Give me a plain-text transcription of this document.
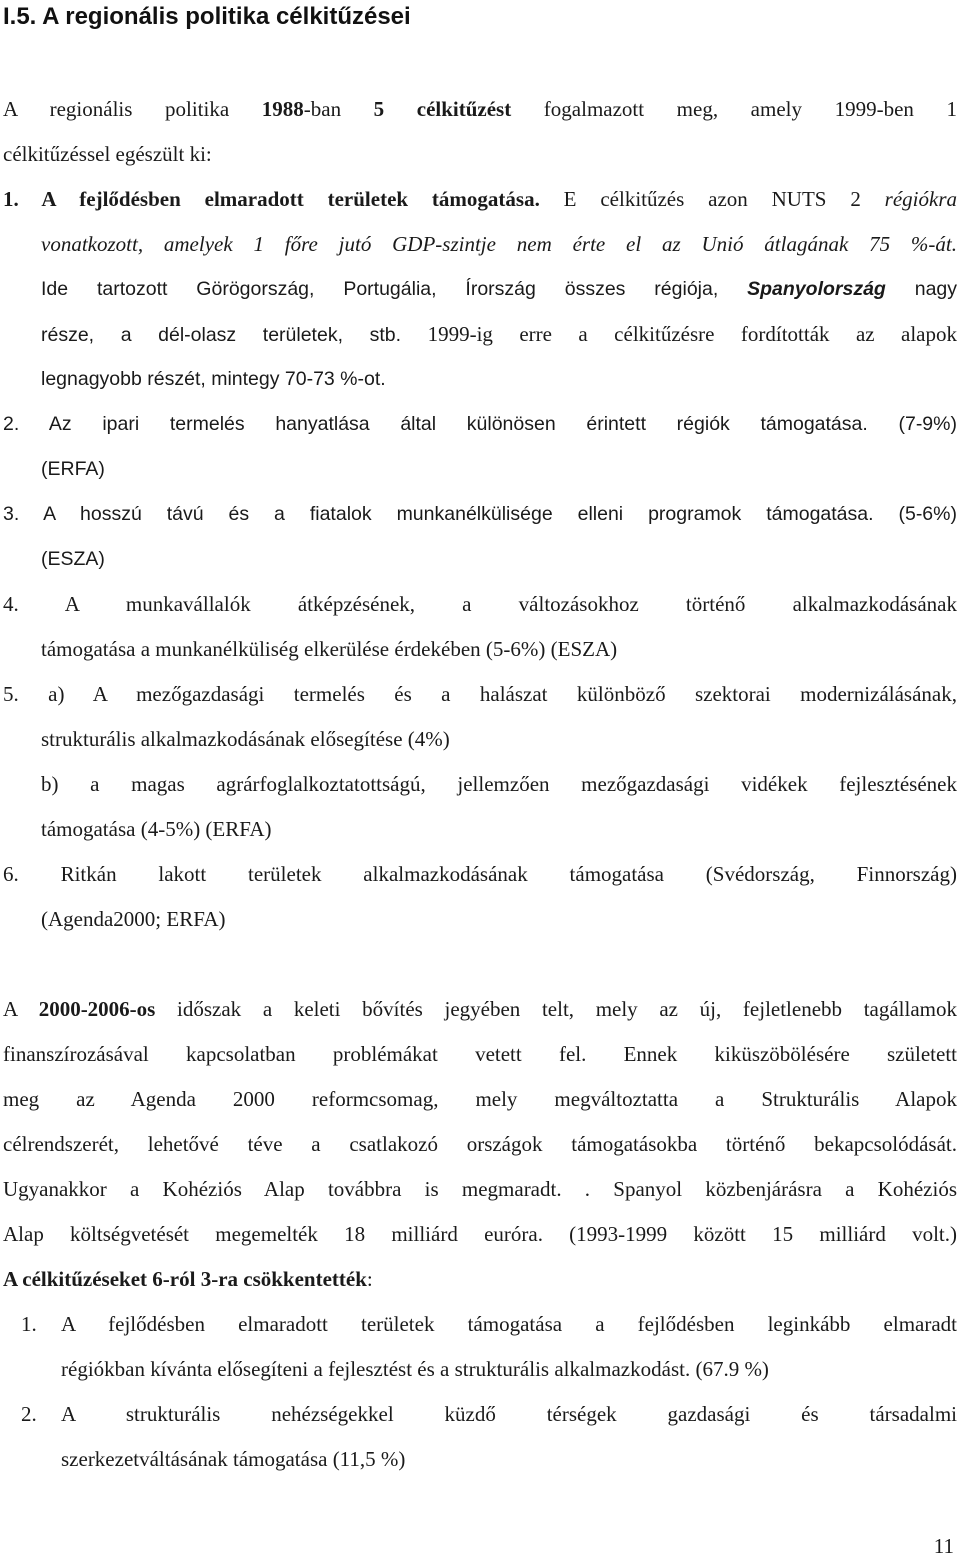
I.5. A regionális politika célkitűzései
A regionális politika 1988-ban 5 célkitűzést fogalmazott meg, amely 1999-ben 1
célkitűzéssel egészült ki:
1. A fejlődésben elmaradott területek támogatása. E célkitűzés azon NUTS 2 régiókra
vonatkozott, amelyek 1 főre jutó GDP-szintje nem érte el az Unió átlagának 75 %-át.
Ide tartozott Görögország, Portugália, Írország összes régiója, Spanyolország nagy
része, a dél-olasz területek, stb. 1999-ig erre a célkitűzésre fordították az alapok
legnagyobb részét, mintegy 70-73 %-ot.
2. Az ipari termelés hanyatlása által különösen érintett régiók támogatása. (7-9%)
(ERFA)
3. A hosszú távú és a fiatalok munkanélkülisége elleni programok támogatása. (5-6%)
(ESZA)
4. A munkavállalók átképzésének, a változásokhoz történő alkalmazkodásának
támogatása a munkanélküliség elkerülése érdekében (5-6%) (ESZA)
5. a) A mezőgazdasági termelés és a halászat különböző szektorai modernizálásának,
strukturális alkalmazkodásának elősegítése (4%)
b) a magas agrárfoglalkoztatottságú, jellemzően mezőgazdasági vidékek fejlesztésének
támogatása (4-5%) (ERFA)
6. Ritkán lakott területek alkalmazkodásának támogatása (Svédország, Finnország)
(Agenda2000; ERFA)
A 2000-2006-os időszak a keleti bővítés jegyében telt, mely az új, fejletlenebb tagállamok
finanszírozásával kapcsolatban problémákat vetett fel. Ennek kiküszöbölésére született
meg az Agenda 2000 reformcsomag, mely megváltoztatta a Strukturális Alapok
célrendszerét, lehetővé téve a csatlakozó országok támogatásokba történő bekapcsolódását.
Ugyanakkor a Kohéziós Alap továbbra is megmaradt. . Spanyol közbenjárásra a Kohéziós
Alap költségvetését megemelték 18 milliárd euróra. (1993-1999 között 15 milliárd volt.)
A célkitűzéseket 6-ról 3-ra csökkentették:
1.	A fejlődésben elmaradott területek támogatása a fejlődésben leginkább elmaradt
régiókban kívánta elősegíteni a fejlesztést és a strukturális alkalmazkodást. (67.9 %)
2.	A strukturális nehézségekkel küzdő térségek gazdasági és társadalmi
szerkezetváltásának támogatása (11,5 %)
11
